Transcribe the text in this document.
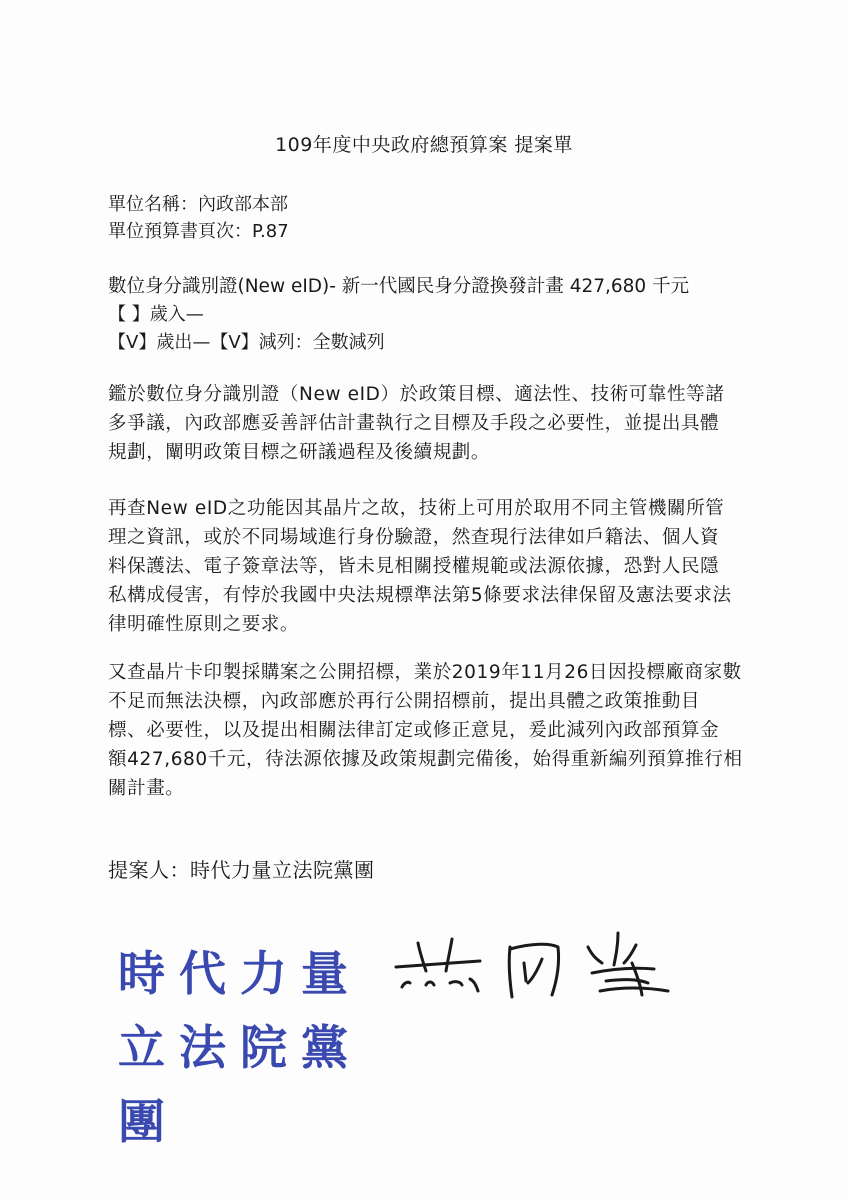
109年度中央政府總預算案 提案單
單位名稱：內政部本部
單位預算書頁次：P.87
數位身分識別證(New eID)- 新一代國民身分證換發計畫 427,680 千元
【 】歲入—
【V】歲出—【V】減列：全數減列
鑑於數位身分識別證（New eID）於政策目標、適法性、技術可靠性等諸
多爭議，內政部應妥善評估計畫執行之目標及手段之必要性，並提出具體
規劃，闡明政策目標之研議過程及後續規劃。
再查New eID之功能因其晶片之故，技術上可用於取用不同主管機關所管
理之資訊，或於不同場域進行身份驗證，然查現行法律如戶籍法、個人資
料保護法、電子簽章法等，皆未見相關授權規範或法源依據，恐對人民隱
私構成侵害，有悖於我國中央法規標準法第5條要求法律保留及憲法要求法
律明確性原則之要求。
又查晶片卡印製採購案之公開招標，業於2019年11月26日因投標廠商家數
不足而無法決標，內政部應於再行公開招標前，提出具體之政策推動目
標、必要性，以及提出相關法律訂定或修正意見，爰此減列內政部預算金
額427,680千元，待法源依據及政策規劃完備後，始得重新編列預算推行相
關計畫。
提案人：時代力量立法院黨團
時代力量
立法院黨團
